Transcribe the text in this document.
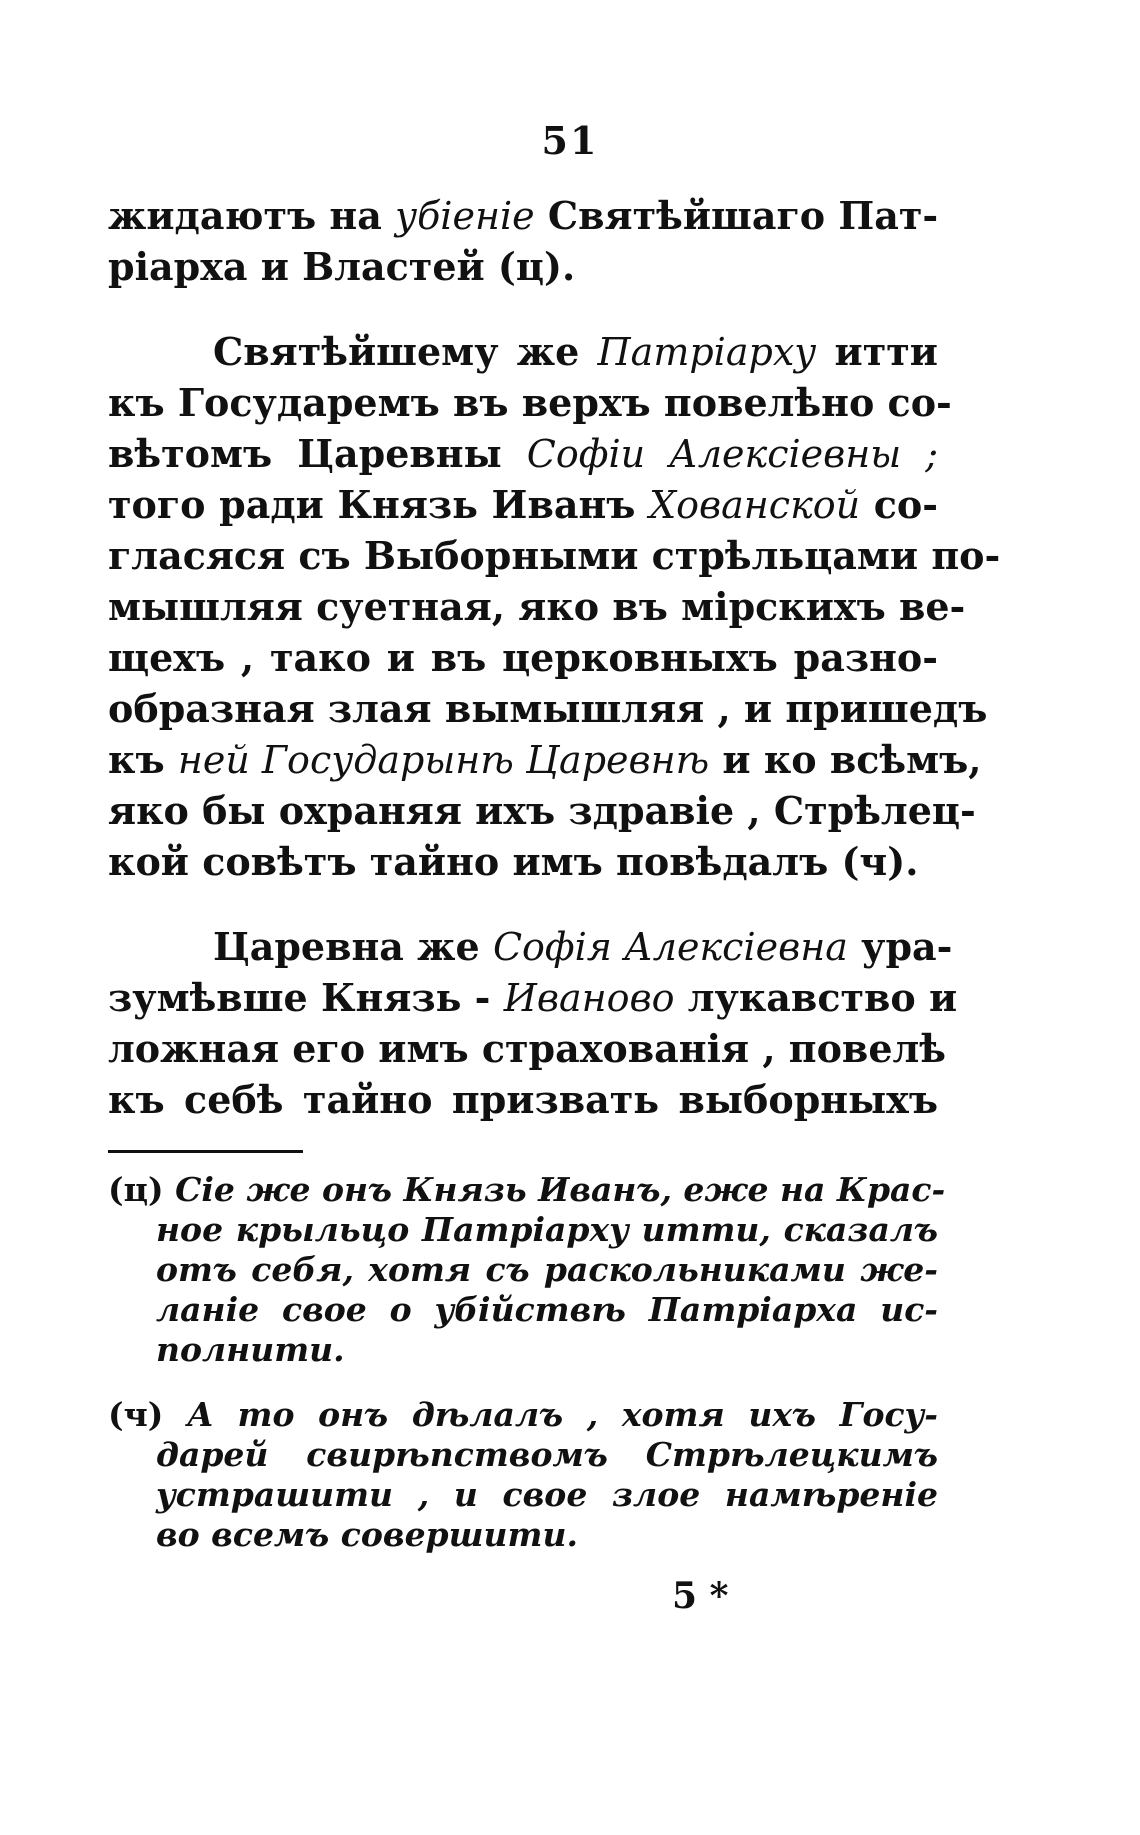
51
жидаютъ на убіеніе Святѣйшаго Пат-
ріарха и Властей (ц).
Святѣйшему же Патріарху итти
къ Государемъ въ верхъ повелѣно со-
вѣтомъ Царевны Софіи Алексіевны ;
того ради Князь Иванъ Хованской со-
гласяся съ Выборными стрѣльцами по-
мышляя суетная, яко въ мірскихъ ве-
щехъ , тако и въ церковныхъ разно-
образная злая вымышляя , и пришедъ
къ ней Государынѣ Царевнѣ и ко всѣмъ,
яко бы охраняя ихъ здравіе , Стрѣлец-
кой совѣтъ тайно имъ повѣдалъ (ч).
Царевна же Софія Алексіевна ура-
зумѣвше Князь - Иваново лукавство и
ложная его имъ страхованія , повелѣ
къ себѣ тайно призвать выборныхъ
(ц) Сіе же онъ Князь Иванъ, еже на Крас-
ное крыльцо Патріарху итти, сказалъ
отъ себя, хотя съ раскольниками же-
ланіе свое о убійствѣ Патріарха ис-
полнити.
(ч) А то онъ дѣлалъ , хотя ихъ Госу-
дарей свирѣпствомъ Стрѣлецкимъ
устрашити , и свое злое намѣреніе
во всемъ совершити.
5 *
